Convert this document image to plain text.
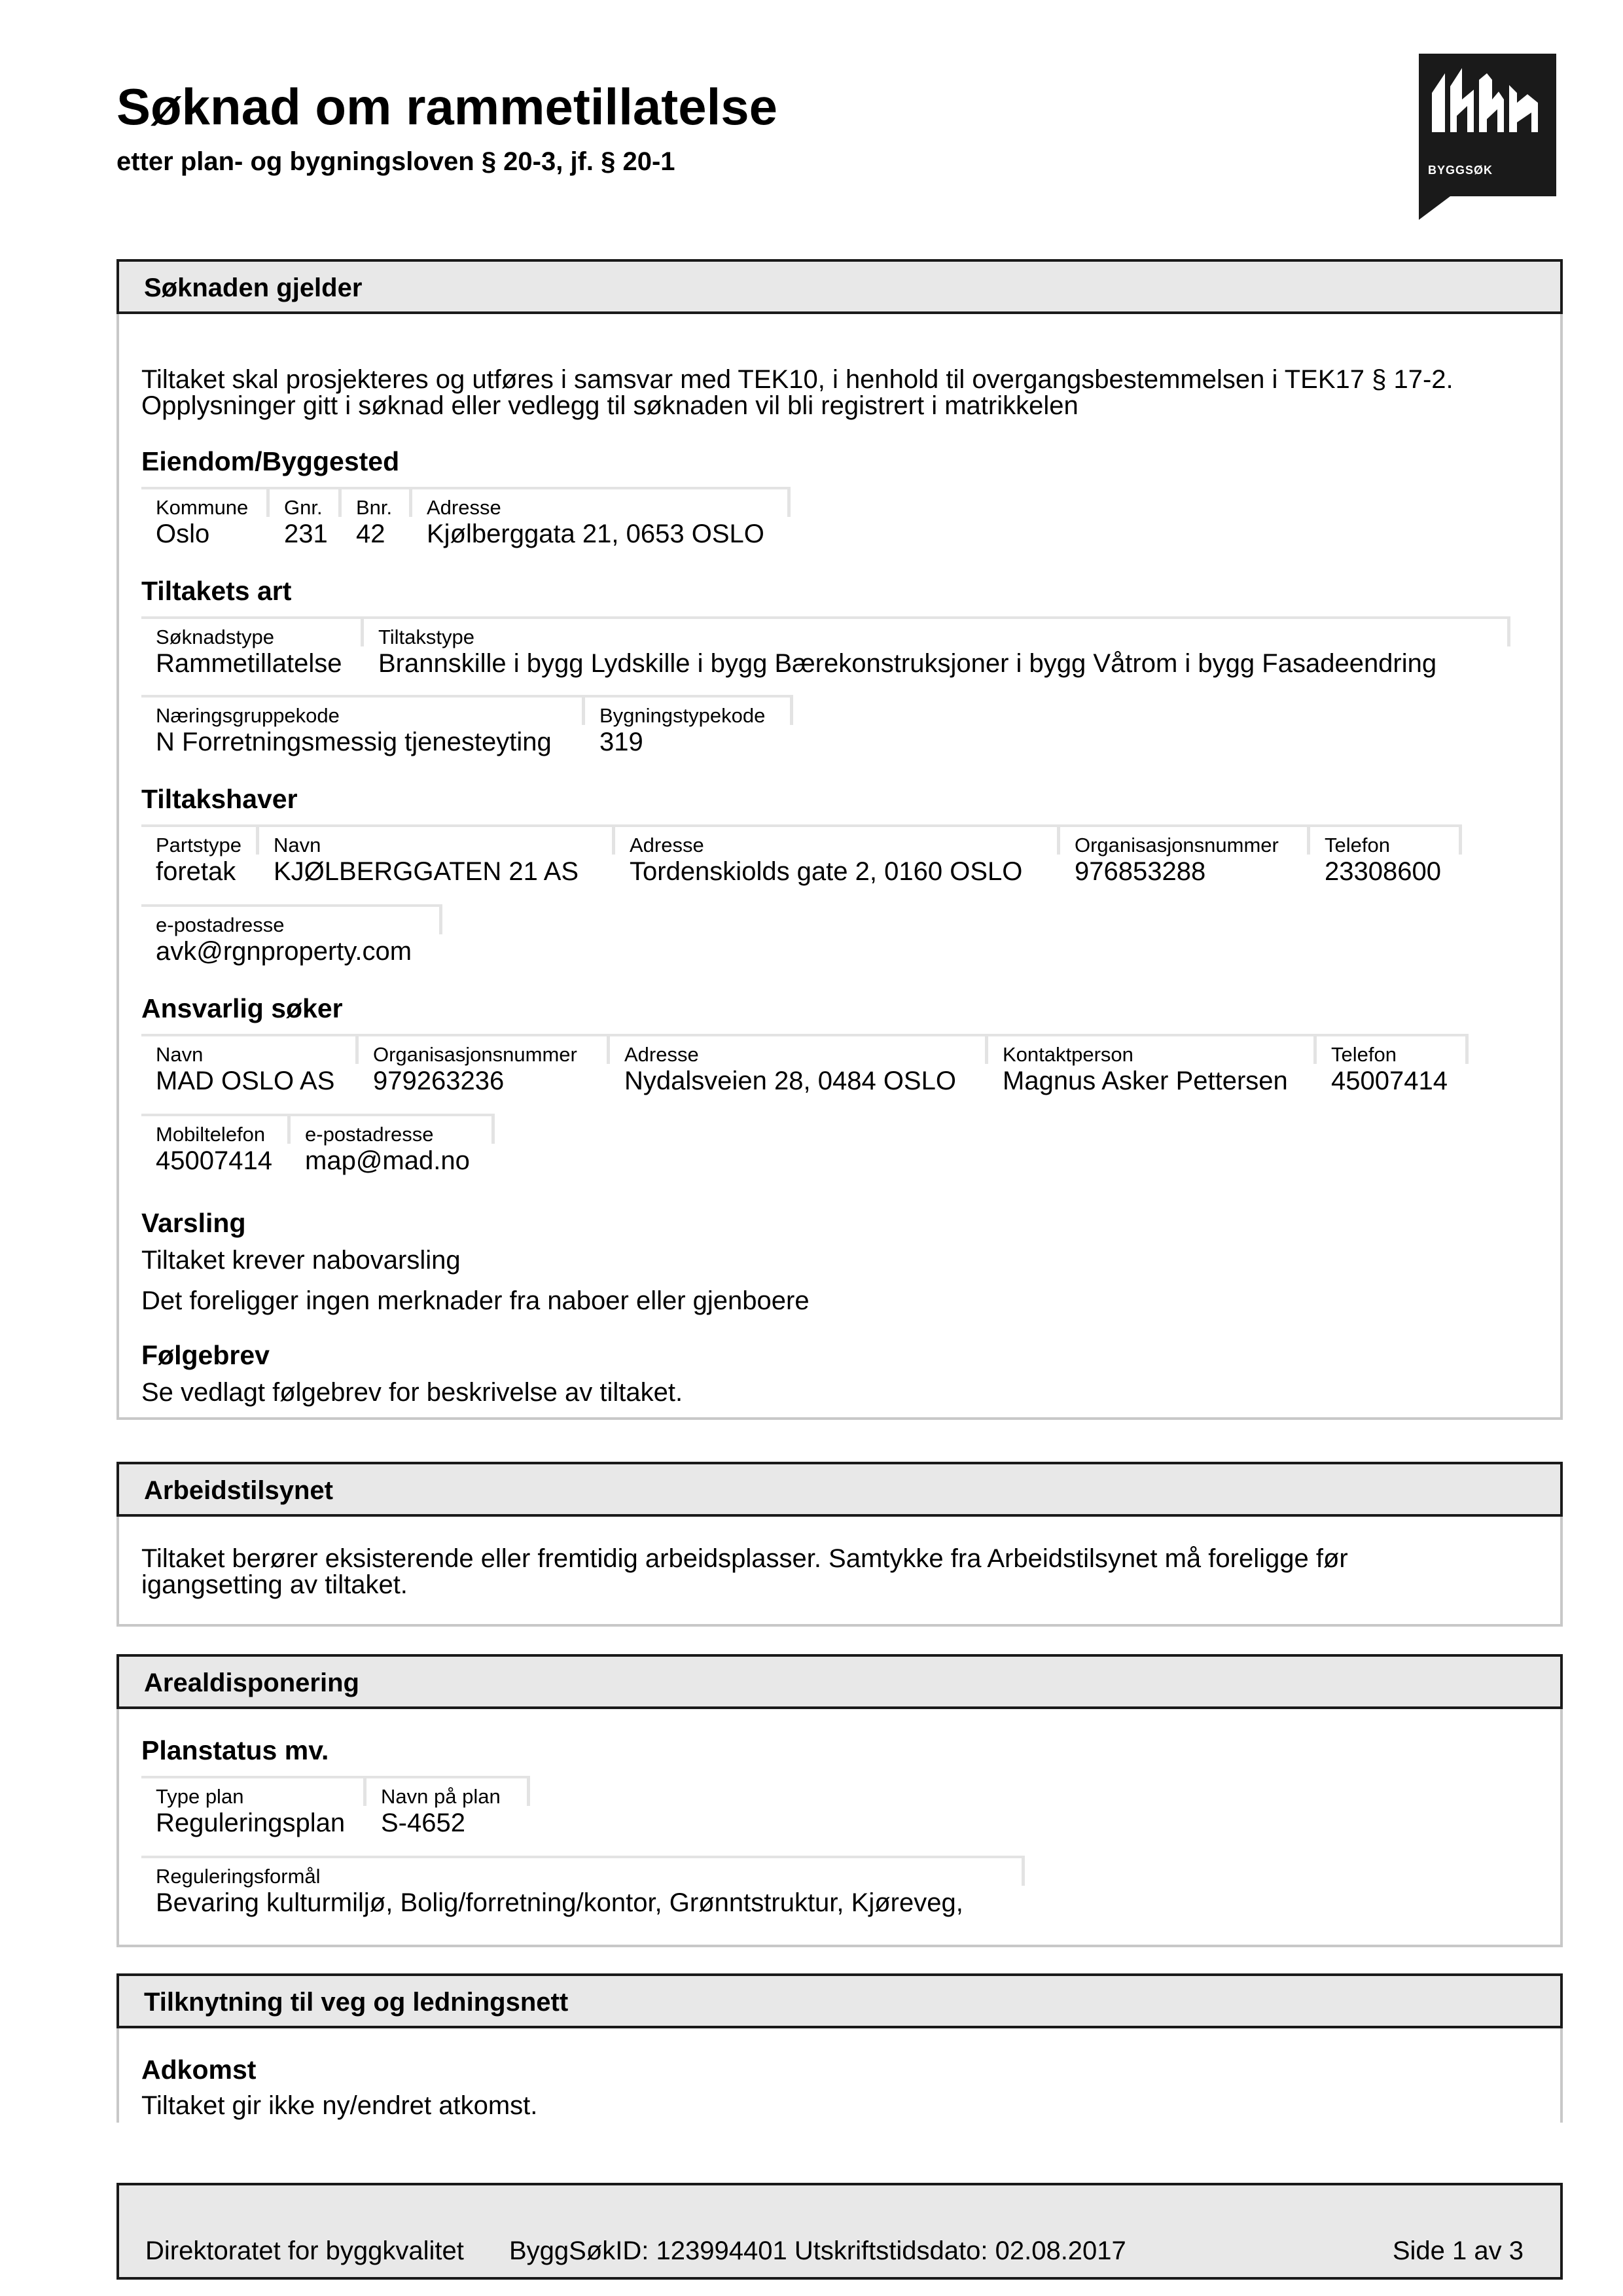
Søknad om rammetillatelse
etter plan- og bygningsloven § 20-3, jf. § 20-1	BYGGSØK
Søknaden gjelder
Tiltaket skal prosjekteres og utføres i samsvar med TEK10, i henhold til overgangsbestemmelsen i TEK17 § 17-2.
Opplysninger gitt i søknad eller vedlegg til søknaden vil bli registrert i matrikkelen
Eiendom/Byggested
Kommune
Oslo
Gnr.
231
Bnr.
42
Adresse
Kjølberggata 21, 0653 OSLO
Tiltakets art
Søknadstype
Rammetillatelse
Tiltakstype
Brannskille i bygg Lydskille i bygg Bærekonstruksjoner i bygg Våtrom i bygg Fasadeendring
Næringsgruppekode
N Forretningsmessig tjenesteyting
Bygningstypekode
319
Tiltakshaver
Partstype
foretak
Navn
KJØLBERGGATEN 21 AS
Adresse
Tordenskiolds gate 2, 0160 OSLO
Organisasjonsnummer
976853288
Telefon
23308600
e-postadresse
avk@rgnproperty.com
Ansvarlig søker
Navn
MAD OSLO AS
Organisasjonsnummer
979263236
Adresse
Nydalsveien 28, 0484 OSLO
Kontaktperson
Magnus Asker Pettersen
Telefon
45007414
Mobiltelefon
45007414
e-postadresse
map@mad.no
Varsling
Tiltaket krever nabovarsling
Det foreligger ingen merknader fra naboer eller gjenboere
Følgebrev
Se vedlagt følgebrev for beskrivelse av tiltaket.
Arbeidstilsynet
Tiltaket berører eksisterende eller fremtidig arbeidsplasser. Samtykke fra Arbeidstilsynet må foreligge før
igangsetting av tiltaket.
Arealdisponering
Planstatus mv.
Type plan
Reguleringsplan
Navn på plan
S-4652
Reguleringsformål
Bevaring kulturmiljø, Bolig/forretning/kontor, Grønntstruktur, Kjøreveg,
Tilknytning til veg og ledningsnett
Adkomst
Tiltaket gir ikke ny/endret atkomst.
Direktoratet for byggkvalitet ByggSøkID: 123994401 Utskriftstidsdato: 02.08.2017	Side 1 av 3
